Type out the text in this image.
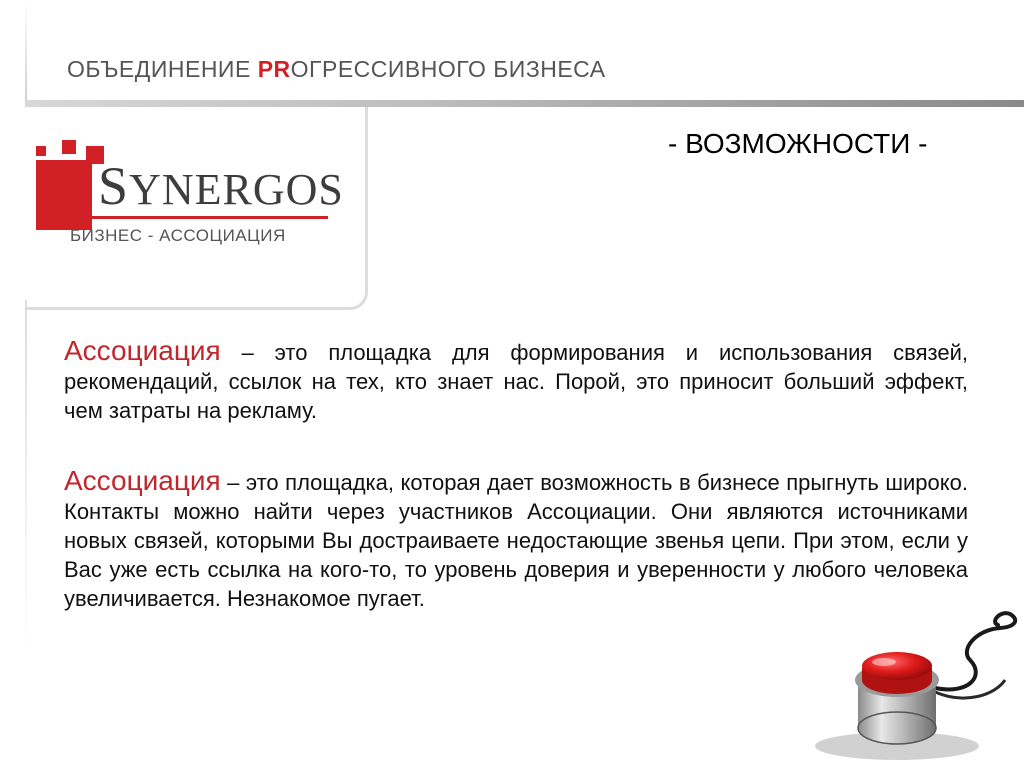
ОБЪЕДИНЕНИЕ PRОГРЕССИВНОГО БИЗНЕСА
SYNERGOS
БИЗНЕС - АССОЦИАЦИЯ
- ВОЗМОЖНОСТИ -
Ассоциация – это площадка для формирования и использования связей, рекомендаций, ссылок на тех, кто знает нас. Порой, это приносит больший эффект, чем затраты на рекламу.
Ассоциация – это площадка, которая дает возможность в бизнесе прыгнуть широко. Контакты можно найти через участников Ассоциации. Они являются источниками новых связей, которыми Вы достраиваете недостающие звенья цепи. При этом, если у Вас уже есть ссылка на кого-то, то уровень доверия и уверенности у любого человека увеличивается. Незнакомое пугает.
